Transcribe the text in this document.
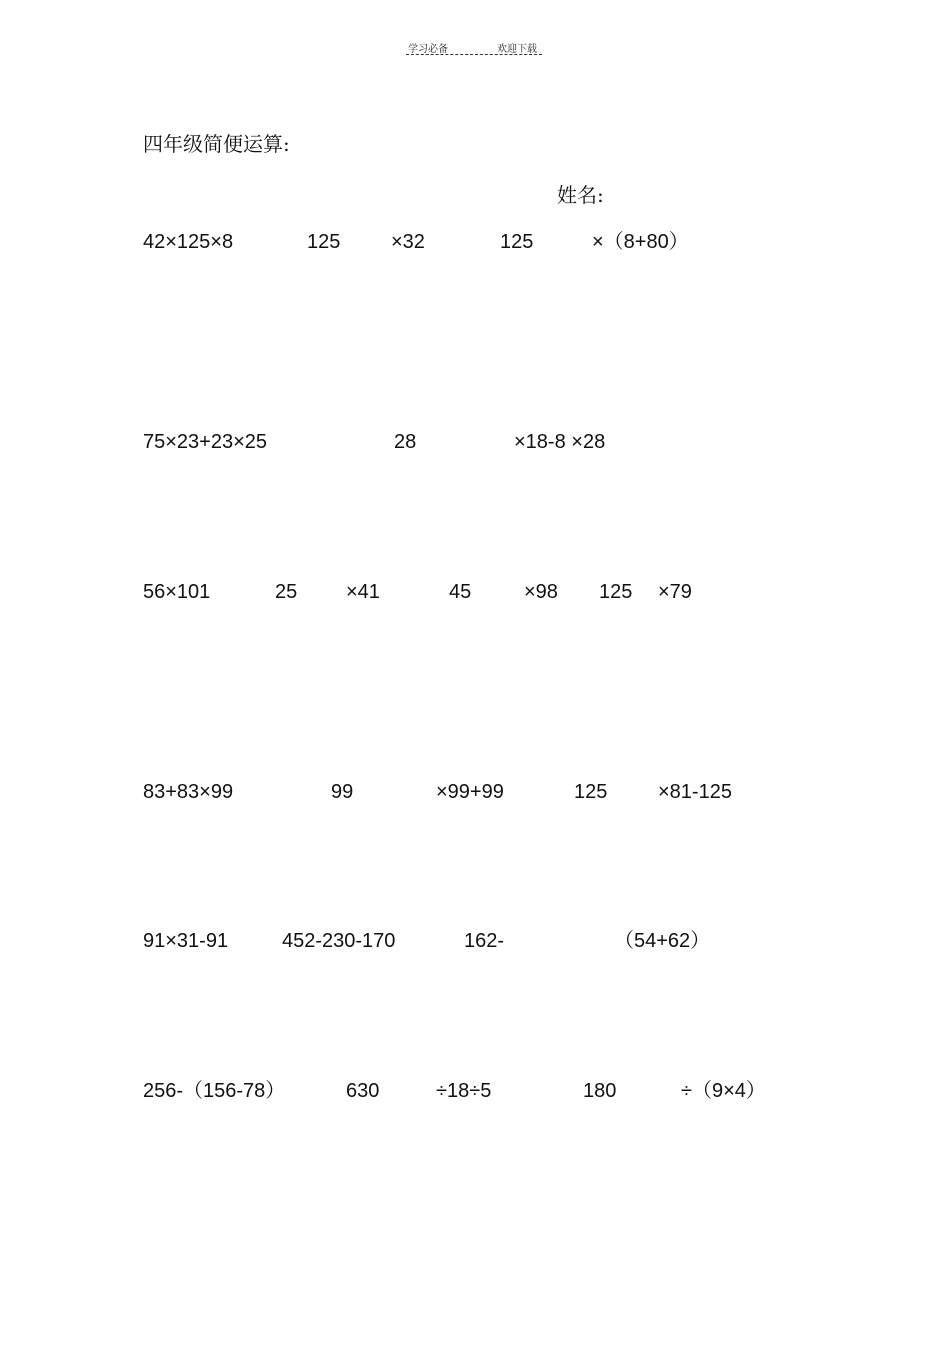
学习必备	欢迎下载
四年级简便运算:
姓名:
42×125×8	125	×32	125	×（8+80）
75×23+23×25	28	×18-8 ×28
56×101	25 ×41	45	×98 125 ×79
83+83×99	99	×99+99	125	×81-125
91×31-91	452-230-170	162-	（54+62）
256-（156-78）	630	÷18÷5	180	÷（9×4）
